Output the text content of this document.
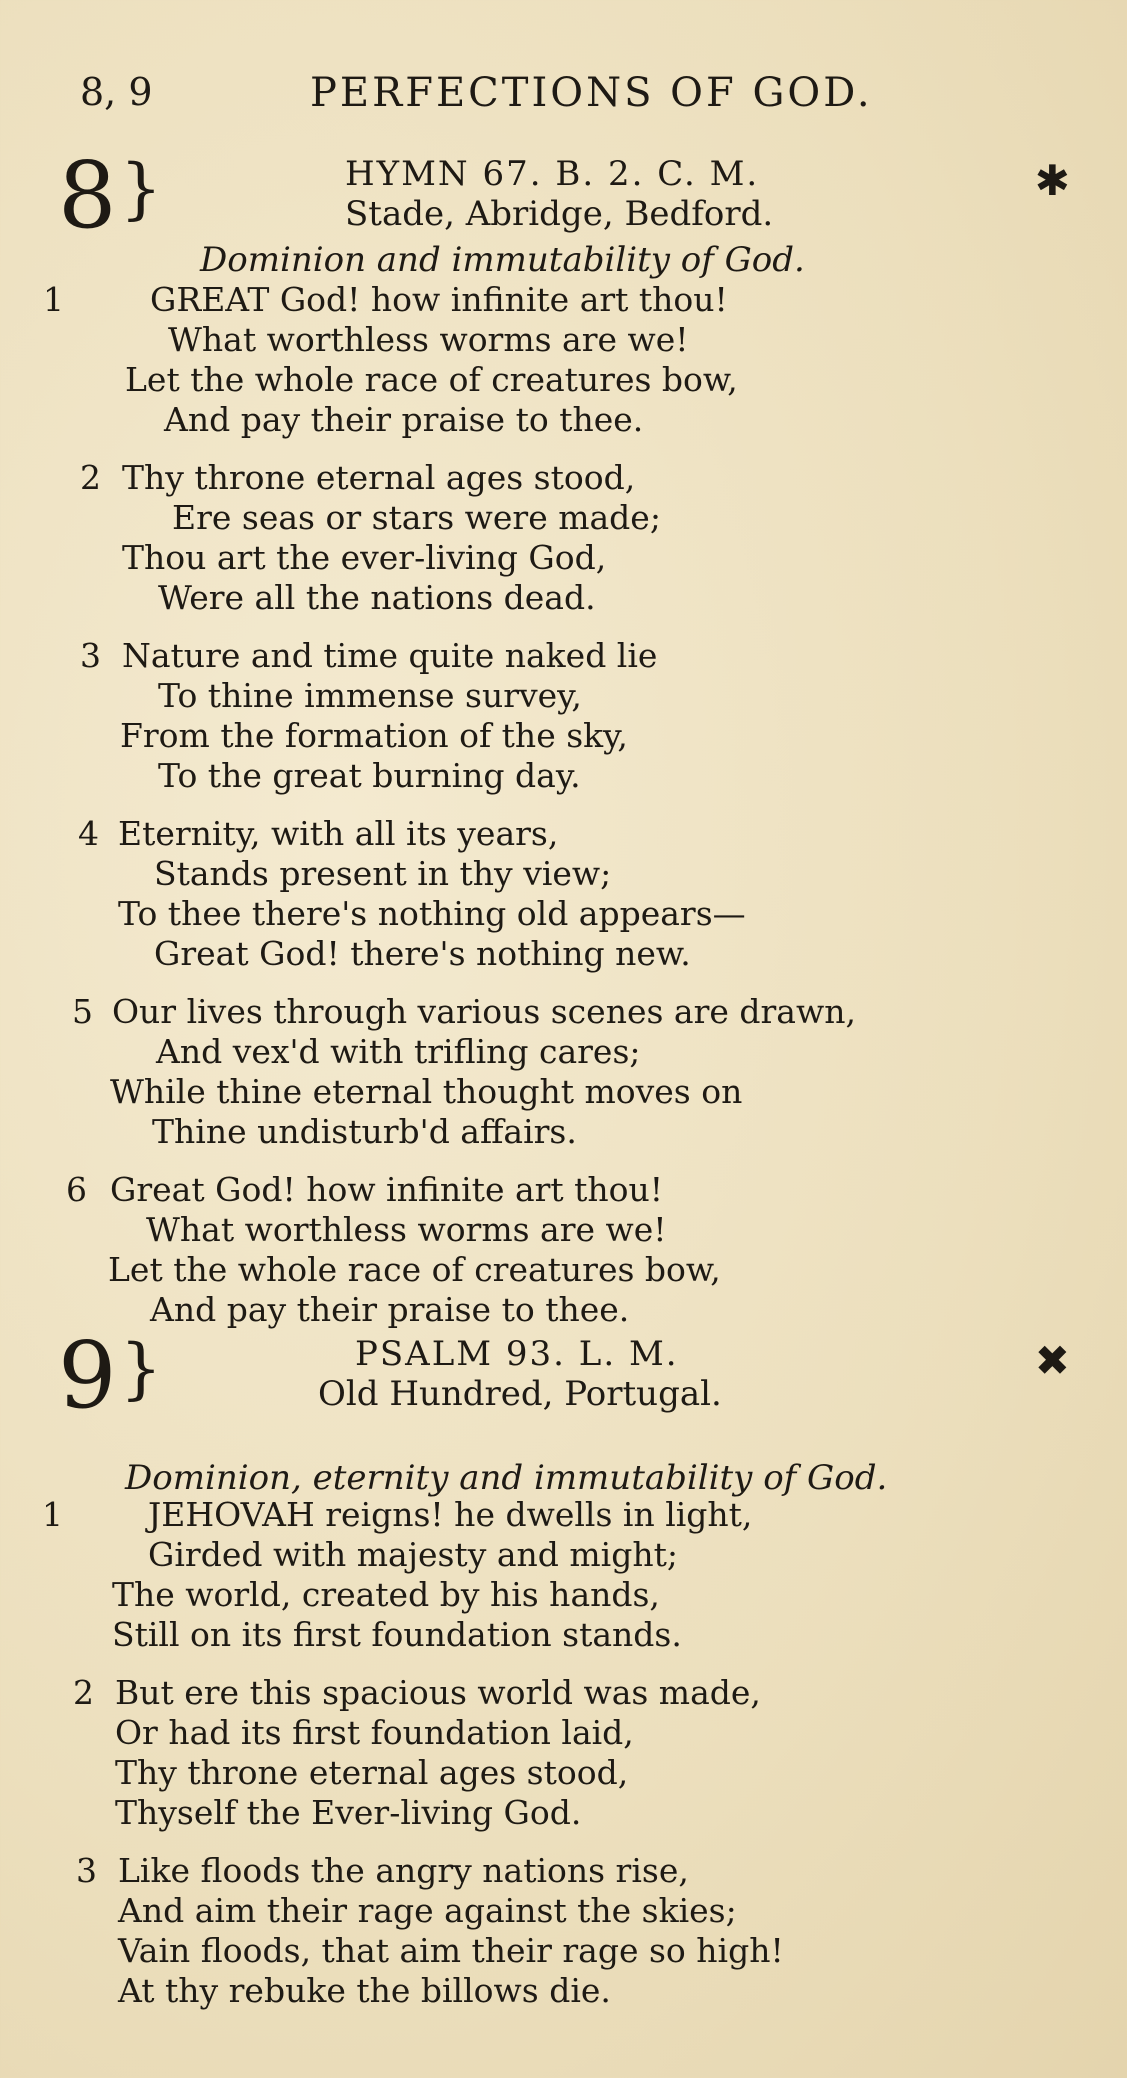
8, 9	PERFECTIONS OF GOD.
8 }	HYMN 67. B. 2. C. M.
Stade, Abridge, Bedford.
✱
Dominion and immutability of God.
1	GREAT God! how infinite art thou!
What worthless worms are we!
Let the whole race of creatures bow,
And pay their praise to thee.
2 Thy throne eternal ages stood,
Ere seas or stars were made;
Thou art the ever-living God,
Were all the nations dead.
3 Nature and time quite naked lie
To thine immense survey,
From the formation of the sky,
To the great burning day.
4 Eternity, with all its years,
Stands present in thy view;
To thee there's nothing old appears—
Great God! there's nothing new.
5 Our lives through various scenes are drawn,
And vex'd with trifling cares;
While thine eternal thought moves on
Thine undisturb'd affairs.
6 Great God! how infinite art thou!
What worthless worms are we!
Let the whole race of creatures bow,
And pay their praise to thee.
9 }	PSALM 93. L. M.
Old Hundred, Portugal.
✖
Dominion, eternity and immutability of God.
1	JEHOVAH reigns! he dwells in light,
Girded with majesty and might;
The world, created by his hands,
Still on its first foundation stands.
2 But ere this spacious world was made,
Or had its first foundation laid,
Thy throne eternal ages stood,
Thyself the Ever-living God.
3 Like floods the angry nations rise,
And aim their rage against the skies;
Vain floods, that aim their rage so high!
At thy rebuke the billows die.
